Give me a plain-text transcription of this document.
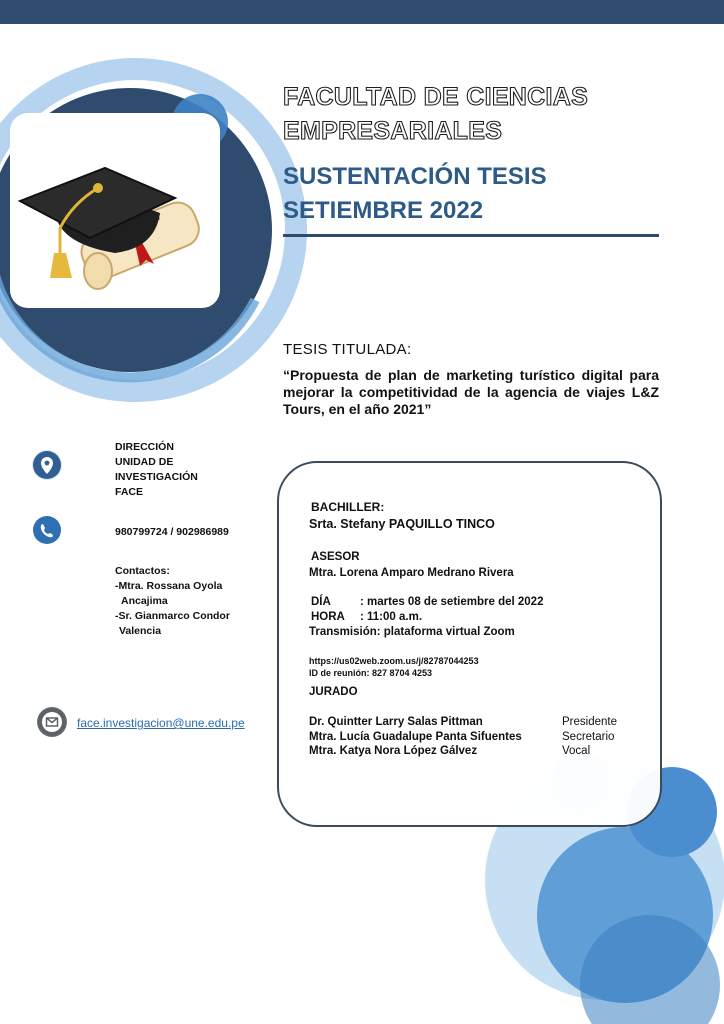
FACULTAD DE CIENCIAS EMPRESARIALES
SUSTENTACIÓN TESIS SETIEMBRE 2022
TESIS TITULADA:
“Propuesta de plan de marketing turístico digital para mejorar la competitividad de la agencia de viajes L&Z Tours, en el año 2021”
DIRECCIÓN
UNIDAD DE
INVESTIGACIÓN
FACE
980799724 / 902986989
Contactos:
-Mtra. Rossana Oyola
Ancajima
-Sr. Gianmarco Condor
Valencia
face.investigacion@une.edu.pe
BACHILLER:
Srta. Stefany PAQUILLO TINCO
ASESOR
Mtra. Lorena Amparo Medrano Rivera
DÍA	: martes 08 de setiembre del 2022
HORA : 11:00 a.m.
Transmisión: plataforma virtual Zoom
https://us02web.zoom.us/j/82787044253
ID de reunión: 827 8704 4253
JURADO
Dr. Quintter Larry Salas Pittman	Presidente
Mtra. Lucía Guadalupe Panta Sifuentes	Secretario
Mtra. Katya Nora López Gálvez	Vocal
